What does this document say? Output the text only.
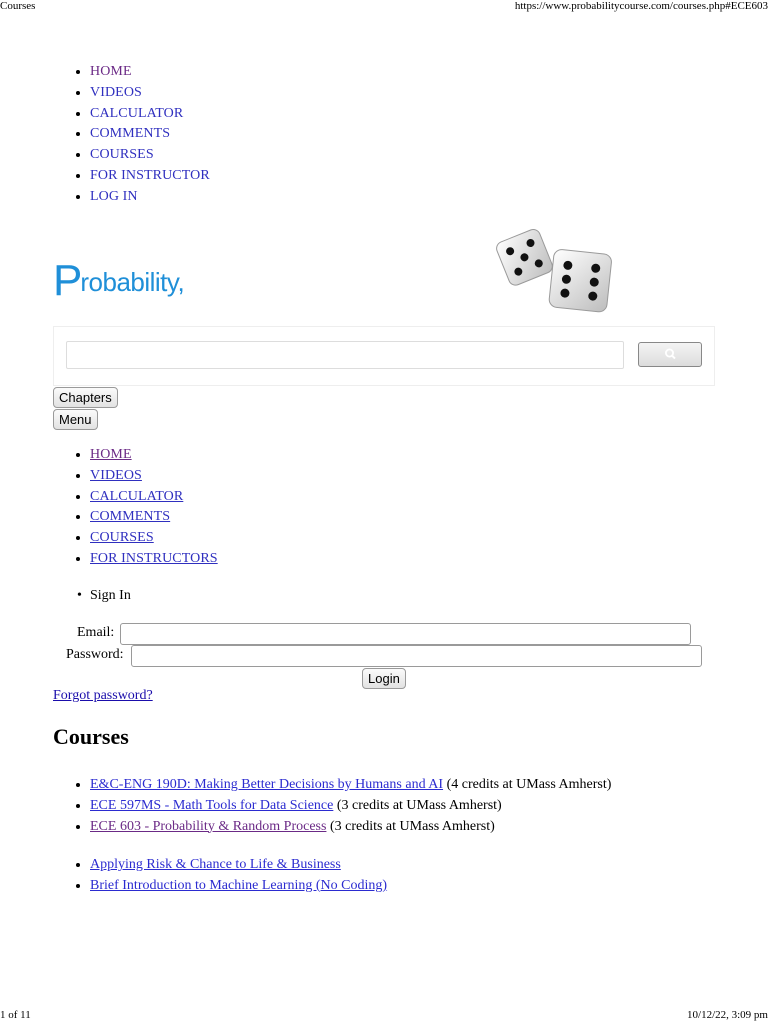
Courses	https://www.probabilitycourse.com/courses.php#ECE603
• HOME
• VIDEOS
• CALCULATOR
• COMMENTS
• COURSES
• FOR INSTRUCTOR
• LOG IN
Probability,
Chapters
Menu
• HOME
• VIDEOS
• CALCULATOR
• COMMENTS
• COURSES
• FOR INSTRUCTORS
• Sign In
Email:
Password:
Login
Forgot password?
Courses
• E&C-ENG 190D: Making Better Decisions by Humans and AI (4 credits at UMass Amherst)
• ECE 597MS - Math Tools for Data Science (3 credits at UMass Amherst)
• ECE 603 - Probability & Random Process (3 credits at UMass Amherst)
• Applying Risk & Chance to Life & Business
• Brief Introduction to Machine Learning (No Coding)
1 of 11	10/12/22, 3:09 pm
